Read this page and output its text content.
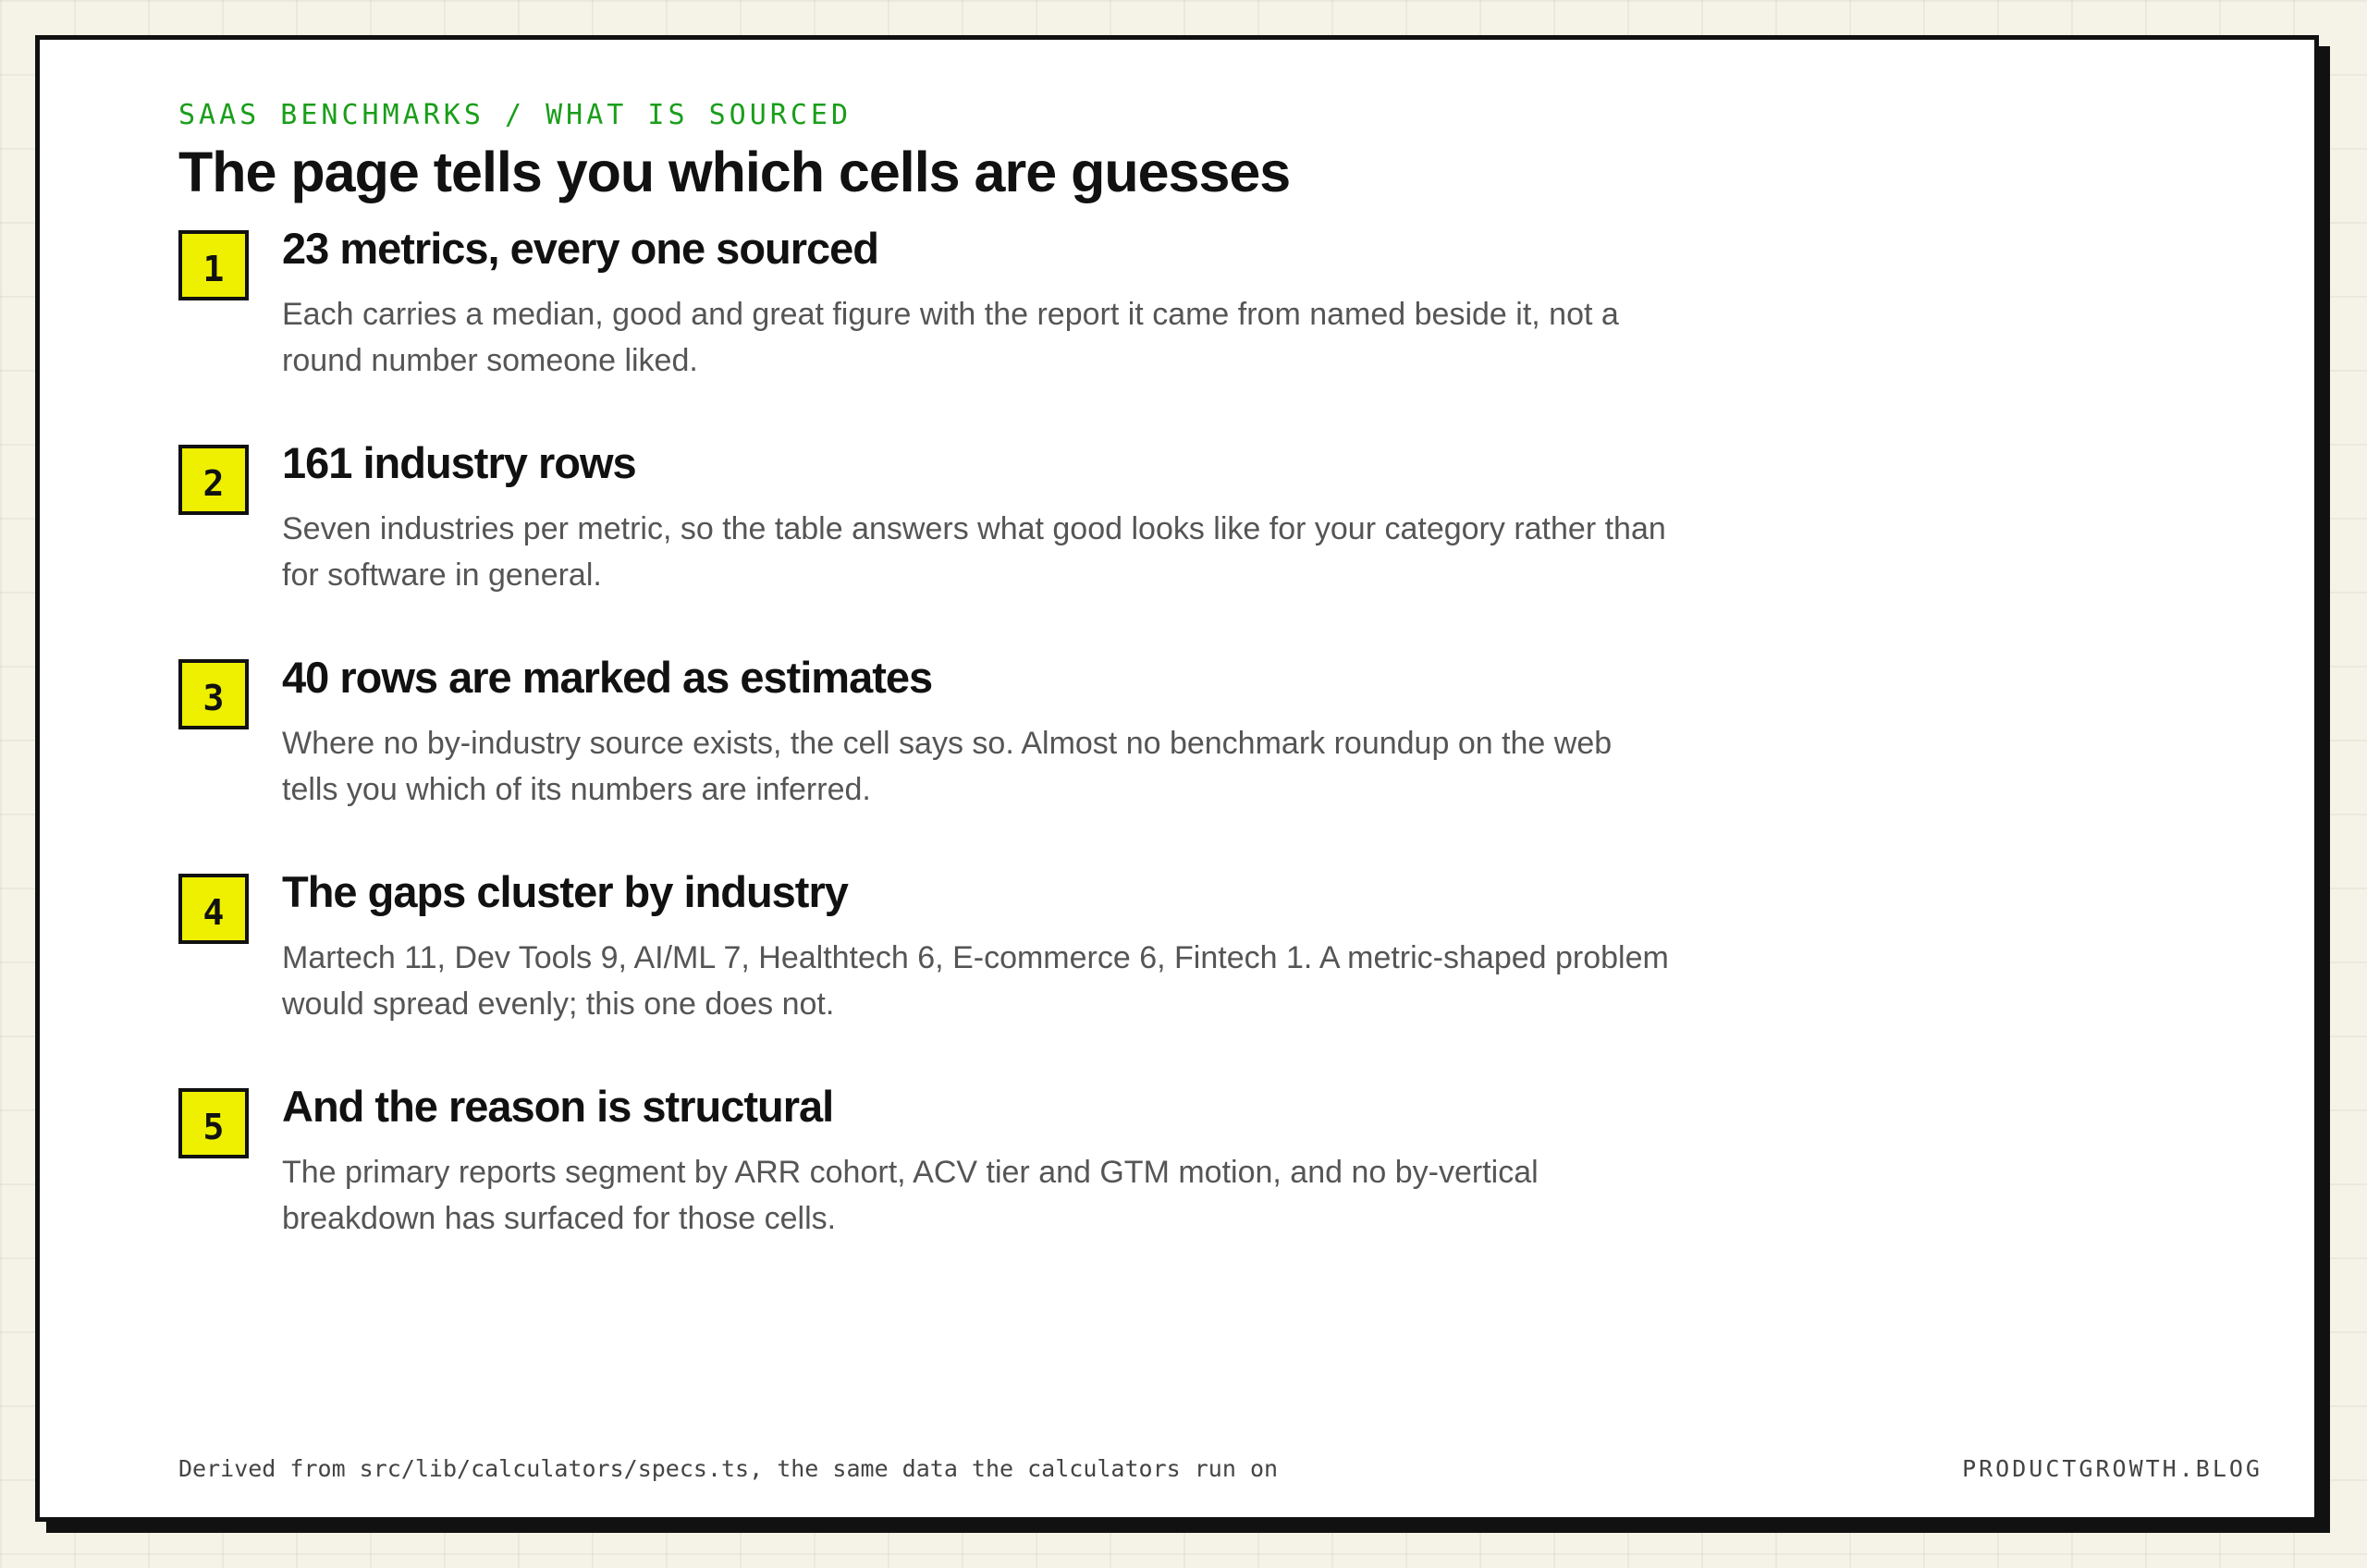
SAAS BENCHMARKS / WHAT IS SOURCED
The page tells you which cells are guesses
1	23 metrics, every one sourced

Each carries a median, good and great figure with the report it came from named beside it, not a round number someone liked.

2	161 industry rows

Seven industries per metric, so the table answers what good looks like for your category rather than for software in general.

3	40 rows are marked as estimates

Where no by-industry source exists, the cell says so. Almost no benchmark roundup on the web tells you which of its numbers are inferred.

4	The gaps cluster by industry

Martech 11, Dev Tools 9, AI/ML 7, Healthtech 6, E-commerce 6, Fintech 1. A metric-shaped problem would spread evenly; this one does not.

5	And the reason is structural

The primary reports segment by ARR cohort, ACV tier and GTM motion, and no by-vertical breakdown has surfaced for those cells.

Derived from src/lib/calculators/specs.ts, the same data the calculators run on	PRODUCTGROWTH.BLOG
